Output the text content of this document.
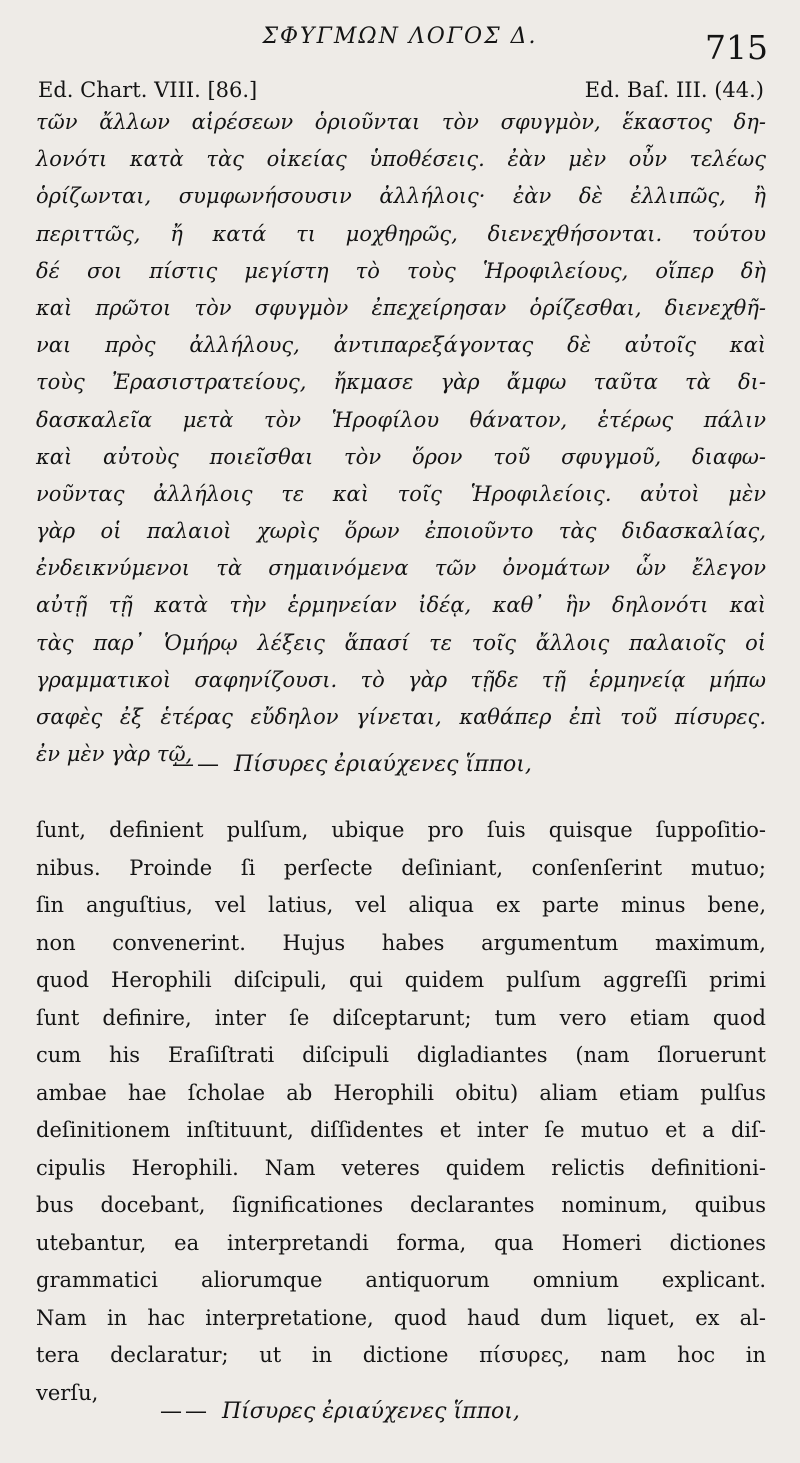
ΣΦΥΓΜΩΝ ΛΟΓΟΣ Δ.	715
Ed. Chart. VIII. [86.]	Ed. Baſ. III. (44.)
τῶν ἄλλων αἱρέσεων ὁριοῦνται τὸν σφυγμὸν, ἕκαστος δη-
λονότι κατὰ τὰς οἰκείας ὑποθέσεις. ἐὰν μὲν οὖν τελέως
ὁρίζωνται, συμφωνήσουσιν ἀλλήλοις· ἐὰν δὲ ἐλλιπῶς, ἢ
περιττῶς, ἤ κατά τι μοχθηρῶς, διενεχθήσονται. τούτου
δέ σοι πίστις μεγίστη τὸ τοὺς Ἡροφιλείους, οἵπερ δὴ
καὶ πρῶτοι τὸν σφυγμὸν ἐπεχείρησαν ὁρίζεσθαι, διενεχθῆ-
ναι πρὸς ἀλλήλους, ἀντιπαρεξάγοντας δὲ αὐτοῖς καὶ
τοὺς Ἐρασιστρατείους, ἤκμασε γὰρ ἄμφω ταῦτα τὰ δι-
δασκαλεῖα μετὰ τὸν Ἡροφίλου θάνατον, ἑτέρως πάλιν
καὶ αὐτοὺς ποιεῖσθαι τὸν ὅρον τοῦ σφυγμοῦ, διαφω-
νοῦντας ἀλλήλοις τε καὶ τοῖς Ἡροφιλείοις. αὐτοὶ μὲν
γὰρ οἱ παλαιοὶ χωρὶς ὅρων ἐποιοῦντο τὰς διδασκαλίας,
ἐνδεικνύμενοι τὰ σημαινόμενα τῶν ὀνομάτων ὧν ἔλεγον
αὐτῇ τῇ κατὰ τὴν ἑρμηνείαν ἰδέᾳ, καθ᾽ ἣν δηλονότι καὶ
τὰς παρ᾽ Ὁμήρῳ λέξεις ἅπασί τε τοῖς ἄλλοις παλαιοῖς οἱ
γραμματικοὶ σαφηνίζουσι. τὸ γὰρ τῇδε τῇ ἑρμηνείᾳ μήπω
σαφὲς ἐξ ἑτέρας εὔδηλον γίνεται, καθάπερ ἐπὶ τοῦ πίσυρες.
ἐν μὲν γὰρ τῷ,
— — Πίσυρες ἐριαύχενες ἵπποι,
ſunt, definient pulſum, ubique pro ſuis quisque ſuppoſitio-
nibus. Proinde ſi perſecte deſiniant, conſenſerint mutuo;
ſin anguſtius, vel latius, vel aliqua ex parte minus bene,
non convenerint. Hujus habes argumentum maximum,
quod Herophili diſcipuli, qui quidem pulſum aggreſſi primi
ſunt definire, inter ſe diſceptarunt; tum vero etiam quod
cum his Eraſiſtrati diſcipuli digladiantes (nam ſloruerunt
ambae hae ſcholae ab Herophili obitu) aliam etiam pulſus
deſinitionem inſtituunt, diſſidentes et inter ſe mutuo et a diſ-
cipulis Herophili. Nam veteres quidem relictis definitioni-
bus docebant, ſignificationes declarantes nominum, quibus
utebantur, ea interpretandi forma, qua Homeri dictiones
grammatici aliorumque antiquorum omnium explicant.
Nam in hac interpretatione, quod haud dum liquet, ex al-
tera declaratur; ut in dictione πίσυρες, nam hoc in
verſu,
— — Πίσυρες ἐριαύχενες ἵπποι,
